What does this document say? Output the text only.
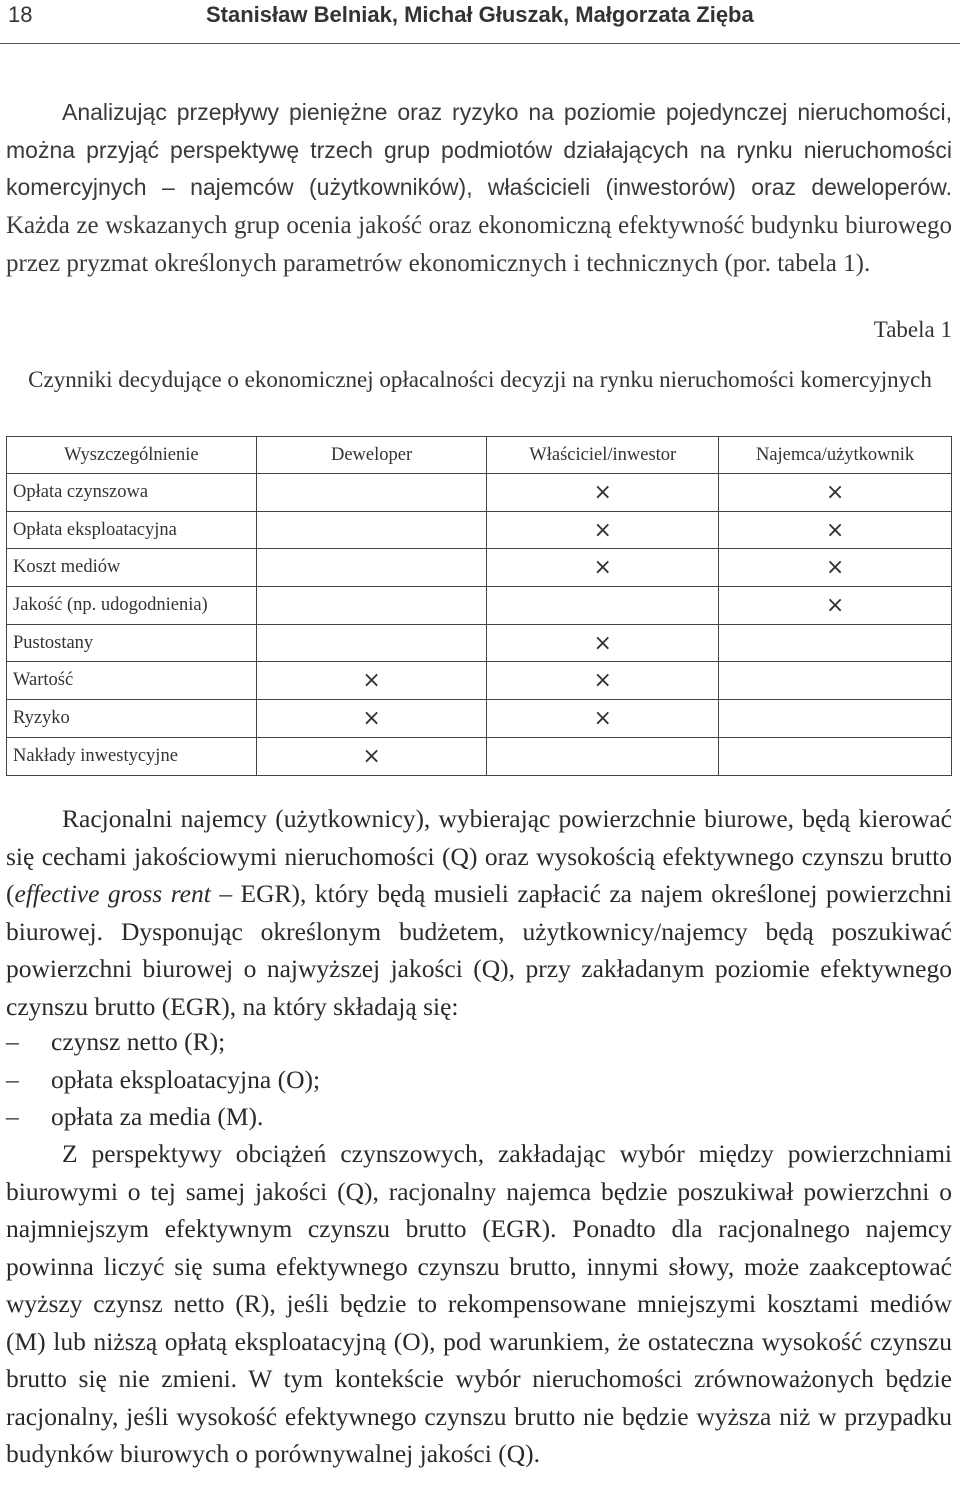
18	Stanisław Belniak, Michał Głuszak, Małgorzata Zięba

Analizując przepływy pieniężne oraz ryzyko na poziomie pojedynczej nieruchomości, można przyjąć perspektywę trzech grup podmiotów działających na rynku nieruchomości komercyjnych – najemców (użytkowników), właścicieli (inwestorów) oraz deweloperów. Każda ze wskazanych grup ocenia jakość oraz ekonomiczną efektywność budynku biurowego przez pryzmat określonych parametrów ekonomicznych i technicznych (por. tabela 1).

Tabela 1
Czynniki decydujące o ekonomicznej opłacalności decyzji na rynku nieruchomości komercyjnych
Wyszczególnienie	Deweloper	Właściciel/inwestor	Najemca/użytkownik
Opłata czynszowa		×	×
Opłata eksploatacyjna		×	×
Koszt mediów		×	×
Jakość (np. udogodnienia)			×
Pustostany		×	
Wartość	×	×	
Ryzyko	×	×	
Nakłady inwestycyjne	×		

Racjonalni najemcy (użytkownicy), wybierając powierzchnie biurowe, będą kierować się cechami jakościowymi nieruchomości (Q) oraz wysokością efektywnego czynszu brutto (effective gross rent – EGR), który będą musieli zapłacić za najem określonej powierzchni biurowej. Dysponując określonym budżetem, użytkownicy/najemcy będą poszukiwać powierzchni biurowej o najwyższej jakości (Q), przy zakładanym poziomie efektywnego czynszu brutto (EGR), na który składają się:

– czynsz netto (R);
– opłata eksploatacyjna (O);
– opłata za media (M).

Z perspektywy obciążeń czynszowych, zakładając wybór między powierzchniami biurowymi o tej samej jakości (Q), racjonalny najemca będzie poszukiwał powierzchni o najmniejszym efektywnym czynszu brutto (EGR). Ponadto dla racjonalnego najemcy powinna liczyć się suma efektywnego czynszu brutto, innymi słowy, może zaakceptować wyższy czynsz netto (R), jeśli będzie to rekompensowane mniejszymi kosztami mediów (M) lub niższą opłatą eksploatacyjną (O), pod warunkiem, że ostateczna wysokość czynszu brutto się nie zmieni. W tym kontekście wybór nieruchomości zrównoważonych będzie racjonalny, jeśli wysokość efektywnego czynszu brutto nie będzie wyższa niż w przypadku budynków biurowych o porównywalnej jakości (Q).
